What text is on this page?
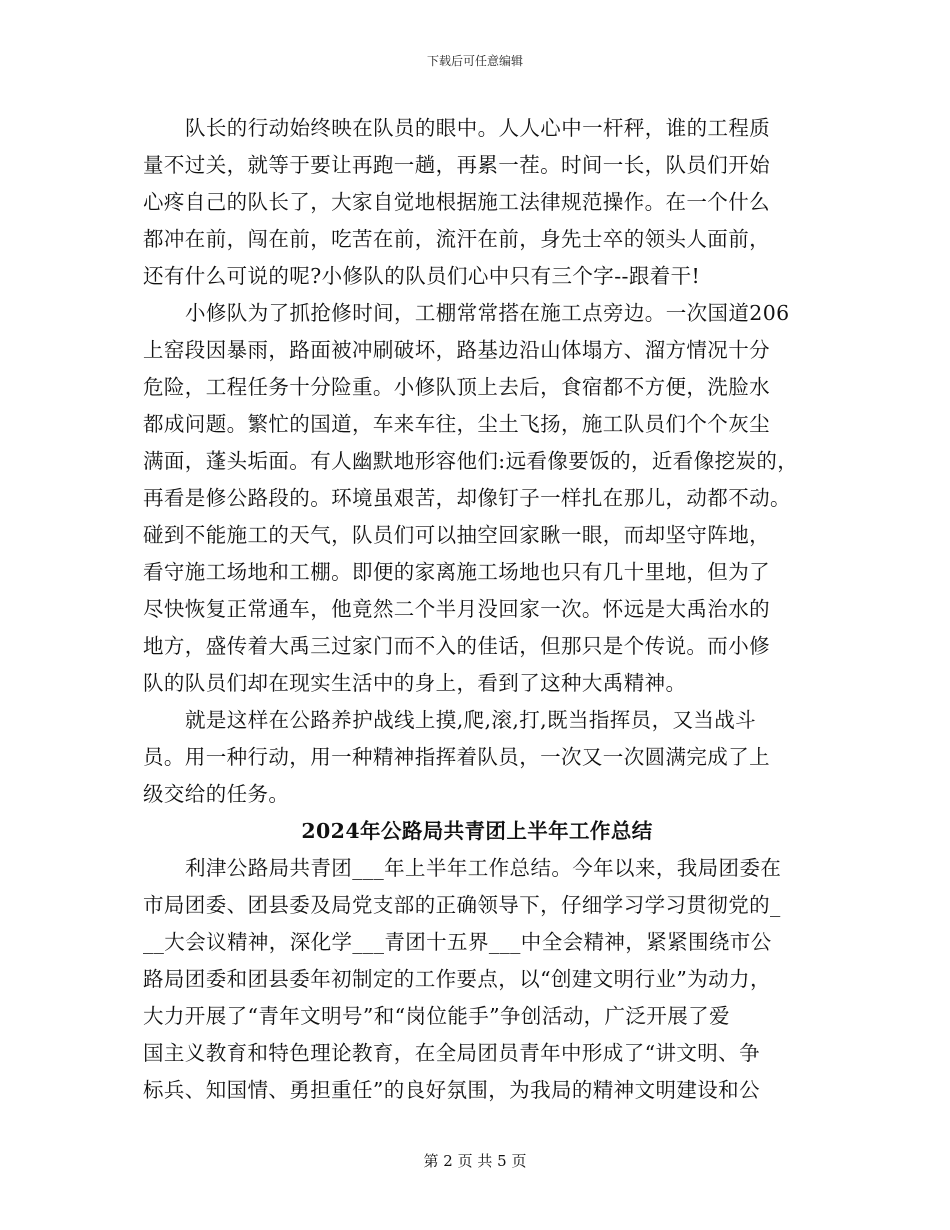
下载后可任意编辑
队长的行动始终映在队员的眼中。人人心中一杆秤，谁的工程质
量不过关，就等于要让再跑一趟，再累一茬。时间一长，队员们开始
心疼自己的队长了，大家自觉地根据施工法律规范操作。在一个什么
都冲在前，闯在前，吃苦在前，流汗在前，身先士卒的领头人面前，
还有什么可说的呢?小修队的队员们心中只有三个字--跟着干!
小修队为了抓抢修时间，工棚常常搭在施工点旁边。一次国道206
上窑段因暴雨，路面被冲刷破坏，路基边沿山体塌方、溜方情况十分
危险，工程任务十分险重。小修队顶上去后，食宿都不方便，洗脸水
都成问题。繁忙的国道，车来车往，尘土飞扬，施工队员们个个灰尘
满面，蓬头垢面。有人幽默地形容他们:远看像要饭的，近看像挖炭的，
再看是修公路段的。环境虽艰苦，却像钉子一样扎在那儿，动都不动。
碰到不能施工的天气，队员们可以抽空回家瞅一眼，而却坚守阵地，
看守施工场地和工棚。即便的家离施工场地也只有几十里地，但为了
尽快恢复正常通车，他竟然二个半月没回家一次。怀远是大禹治水的
地方，盛传着大禹三过家门而不入的佳话，但那只是个传说。而小修
队的队员们却在现实生活中的身上，看到了这种大禹精神。
就是这样在公路养护战线上摸,爬,滚,打,既当指挥员，又当战斗
员。用一种行动，用一种精神指挥着队员，一次又一次圆满完成了上
级交给的任务。
2024年公路局共青团上半年工作总结
利津公路局共青团___年上半年工作总结。今年以来，我局团委在
市局团委、团县委及局党支部的正确领导下，仔细学习学习贯彻党的_
__大会议精神，深化学___青团十五界___中全会精神，紧紧围绕市公
路局团委和团县委年初制定的工作要点，以“创建文明行业”为动力，
大力开展了“青年文明号”和“岗位能手”争创活动，广泛开展了爱
国主义教育和特色理论教育，在全局团员青年中形成了“讲文明、争
标兵、知国情、勇担重任”的良好氛围，为我局的精神文明建设和公
第 2 页 共 5 页
